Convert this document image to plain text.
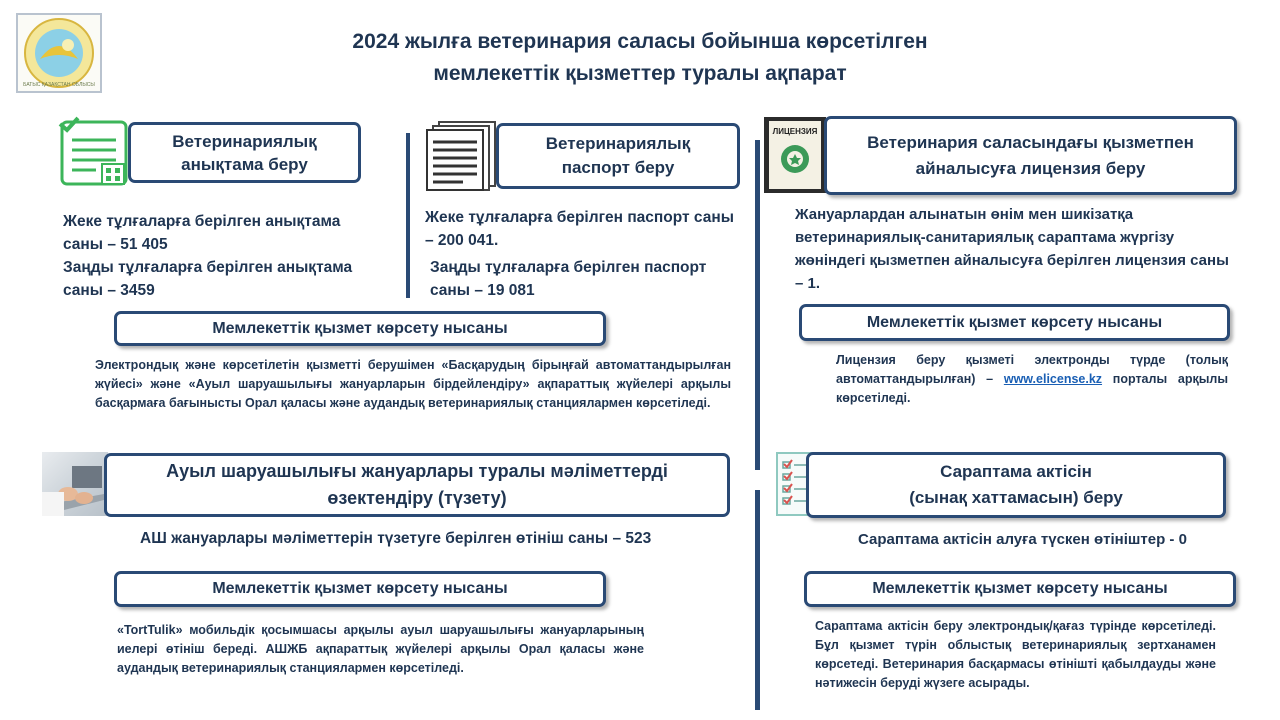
БАТЫС ҚАЗАҚСТАН ОБЛЫСЫ
2024 жылға ветеринария саласы бойынша көрсетілген
мемлекеттік қызметтер туралы ақпарат
Ветеринариялық анықтама беру
Жеке тұлғаларға берілген анықтама саны – 51 405
Заңды тұлғаларға берілген анықтама саны – 3459
Ветеринариялық паспорт беру
Жеке тұлғаларға берілген паспорт саны – 200 041.
Заңды тұлғаларға берілген паспорт саны – 19 081
ЛИЦЕНЗИЯ
Ветеринария саласындағы қызметпен айналысуға лицензия беру
Жануарлардан алынатын өнім мен шикізатқа ветеринариялық-санитариялық сараптама жүргізу жөніндегі қызметпен айналысуға берілген лицензия саны – 1.
Мемлекеттік қызмет көрсету нысаны	Мемлекеттік қызмет көрсету нысаны
Электрондық және көрсетілетін қызметті берушімен «Басқарудың бірыңғай автоматтандырылған жүйесі» және «Ауыл шаруашылығы жануарларын бірдейлендіру» ақпараттық жүйелері арқылы басқармаға бағынысты Орал қаласы және аудандық ветеринариялық станциялармен көрсетіледі.
Лицензия беру қызметі электронды түрде (толық автоматтандырылған) – www.elicense.kz порталы арқылы көрсетіледі.
Ауыл шаруашылығы жануарлары туралы мәліметтерді өзектендіру (түзету)
АШ жануарлары мәліметтерін түзетуге берілген өтініш саны – 523
Мемлекеттік қызмет көрсету нысаны
«TortTulik» мобильдік қосымшасы арқылы ауыл шаруашылығы жануарларының иелері өтініш береді. АШЖБ ақпараттық жүйелері арқылы Орал қаласы және аудандық ветеринариялық станциялармен көрсетіледі.
Сараптама актісін
(сынақ хаттамасын) беру
Сараптама актісін алуға түскен өтініштер - 0
Мемлекеттік қызмет көрсету нысаны
Сараптама актісін беру электрондық/қағаз түрінде көрсетіледі. Бұл қызмет түрін облыстық ветеринариялық зертханамен көрсетеді. Ветеринария басқармасы өтінішті қабылдауды және нәтижесін беруді жүзеге асырады.
